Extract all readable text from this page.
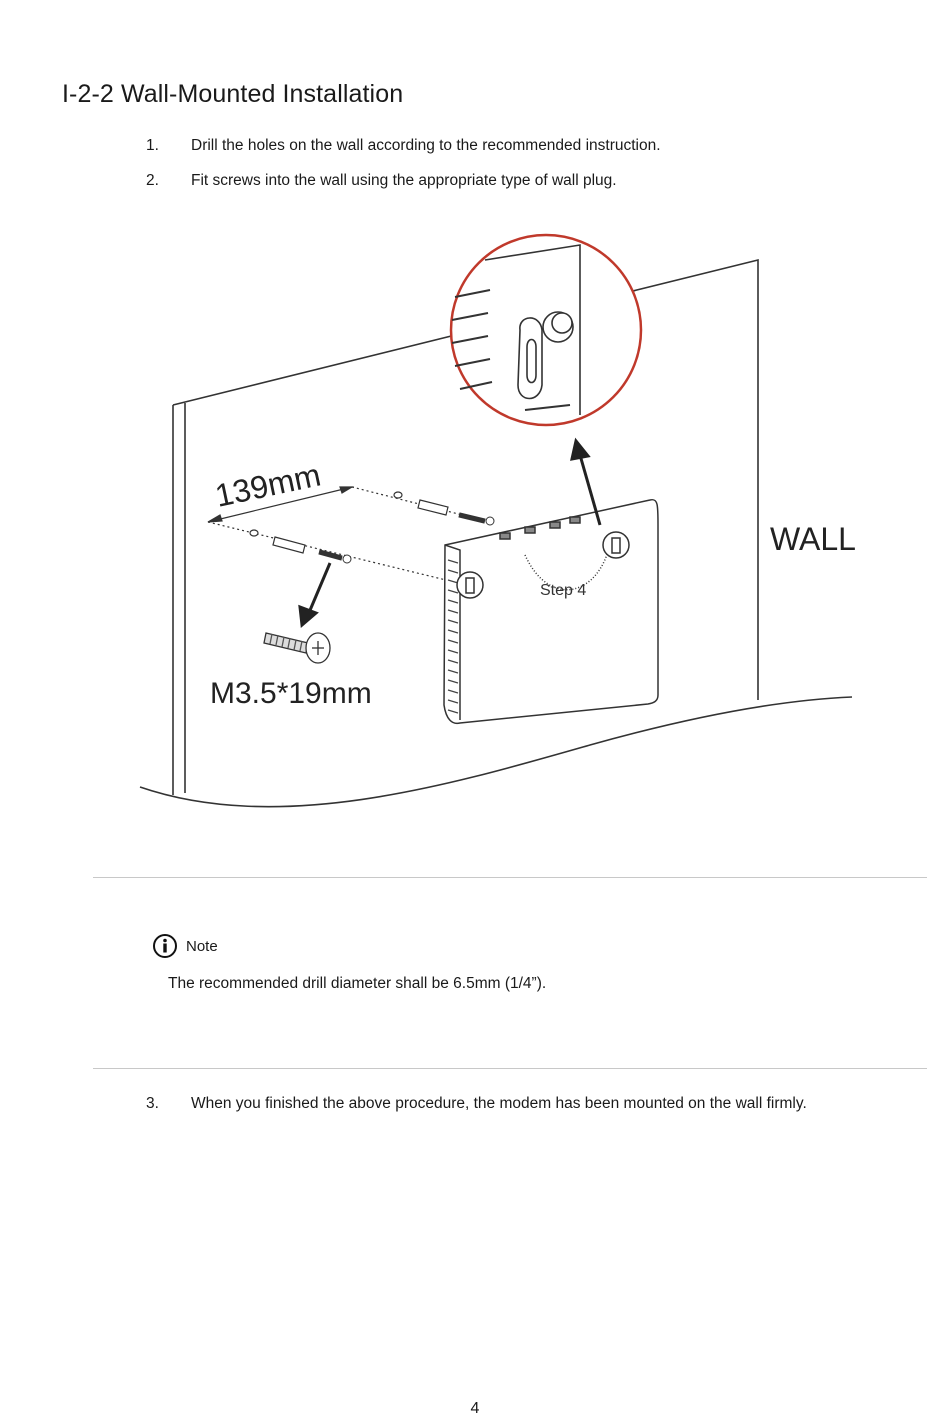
I-2-2 Wall-Mounted Installation
1. Drill the holes on the wall according to the recommended instruction.
2. Fit screws into the wall using the appropriate type of wall plug.
139mm
M3.5*19mm
Step 4
WALL
Note
The recommended drill diameter shall be 6.5mm (1/4”).
3. When you finished the above procedure, the modem has been mounted on the wall firmly.
4
